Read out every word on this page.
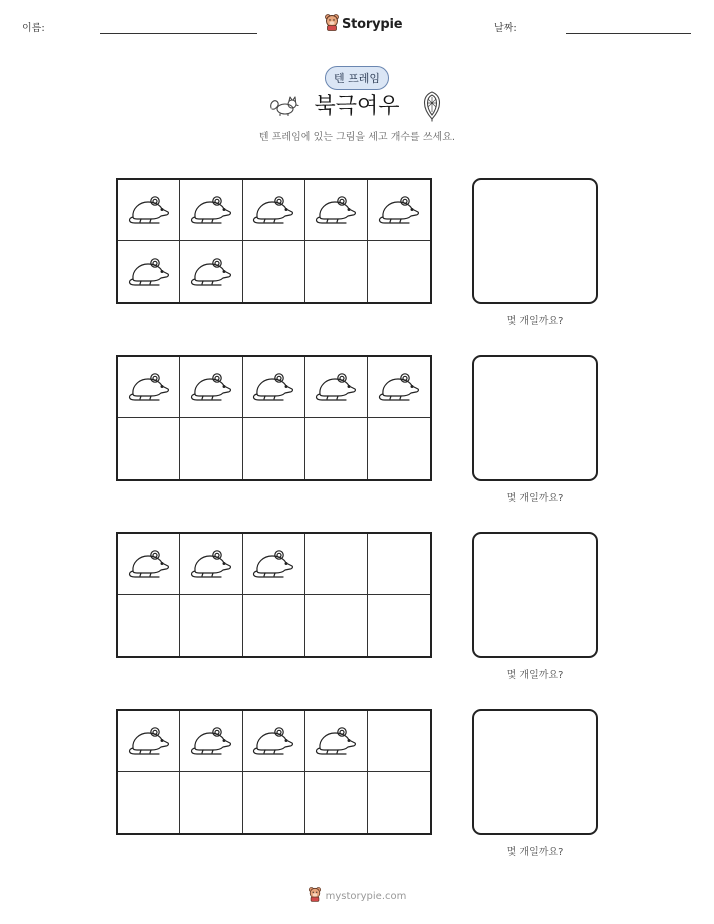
이름:	Storypie	날짜:
텐 프레임
북극여우
텐 프레임에 있는 그림을 세고 개수를 쓰세요.
몇 개일까요?
몇 개일까요?
몇 개일까요?
몇 개일까요?
mystorypie.com
